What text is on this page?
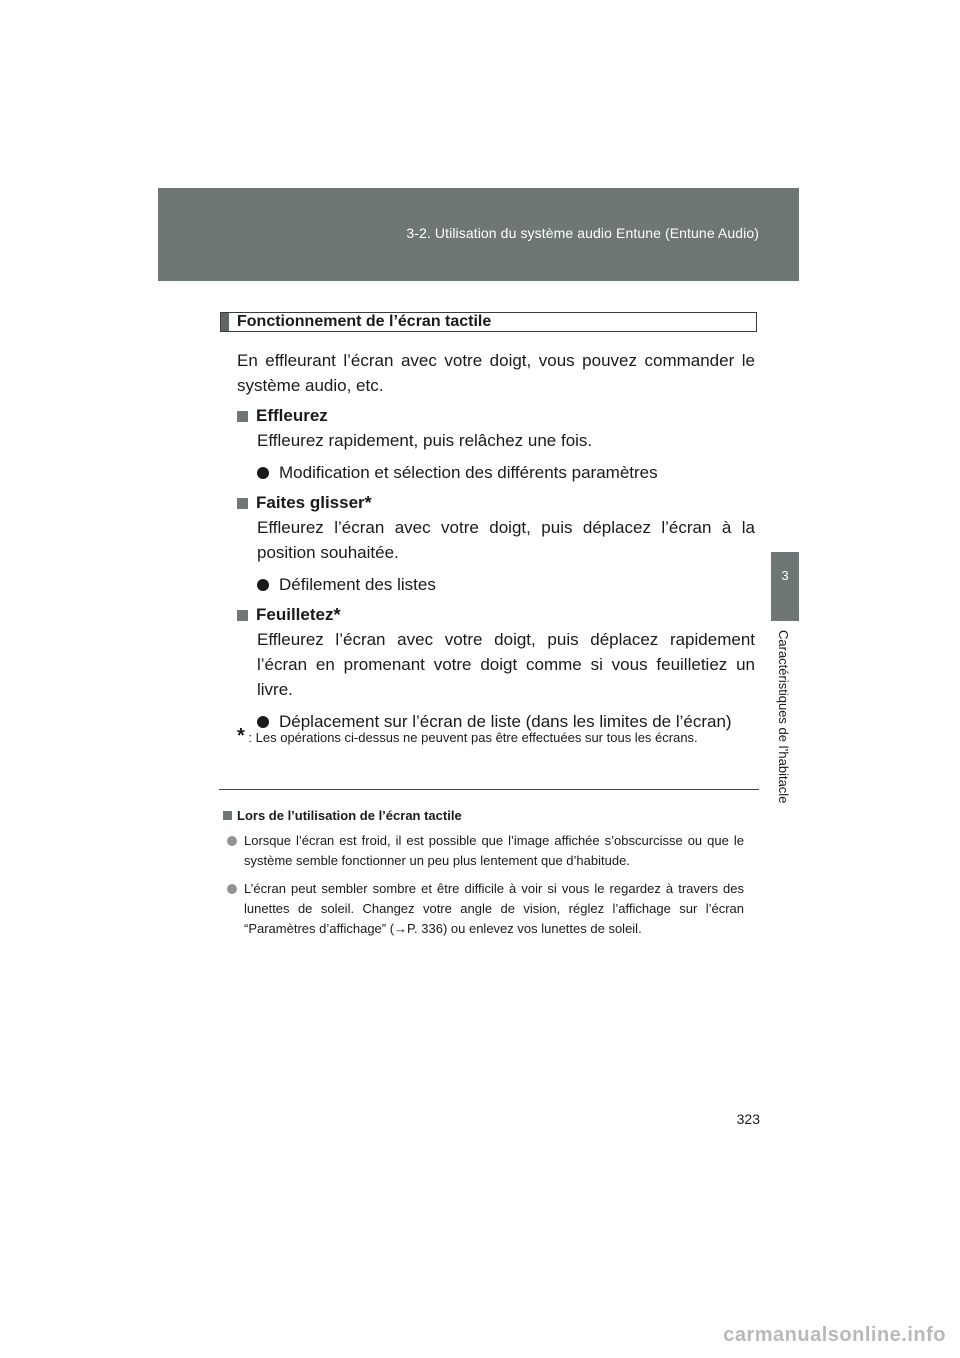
3-2. Utilisation du système audio Entune (Entune Audio)
3
Caractéristiques de l’habitacle
Fonctionnement de l’écran tactile

En effleurant l’écran avec votre doigt, vous pouvez commander le système audio, etc.

Effleurez

Effleurez rapidement, puis relâchez une fois.

Modification et sélection des différents paramètres
Faites glisser *

Effleurez l’écran avec votre doigt, puis déplacez l’écran à la position souhaitée.

Défilement des listes
Feuilletez *

Effleurez l’écran avec votre doigt, puis déplacez rapidement l’écran en promenant votre doigt comme si vous feuilletiez un livre.

Déplacement sur l’écran de liste (dans les limites de l’écran)
* : Les opérations ci-dessus ne peuvent pas être effectuées sur tous les écrans.
Lors de l’utilisation de l’écran tactile
Lorsque l’écran est froid, il est possible que l’image affichée s’obscurcisse ou que le système semble fonctionner un peu plus lentement que d’habitude.
L’écran peut sembler sombre et être difficile à voir si vous le regardez à travers des lunettes de soleil. Changez votre angle de vision, réglez l’affichage sur l’écran “Paramètres d’affichage” (→P. 336) ou enlevez vos lunettes de soleil.
323
carmanualsonline.info
